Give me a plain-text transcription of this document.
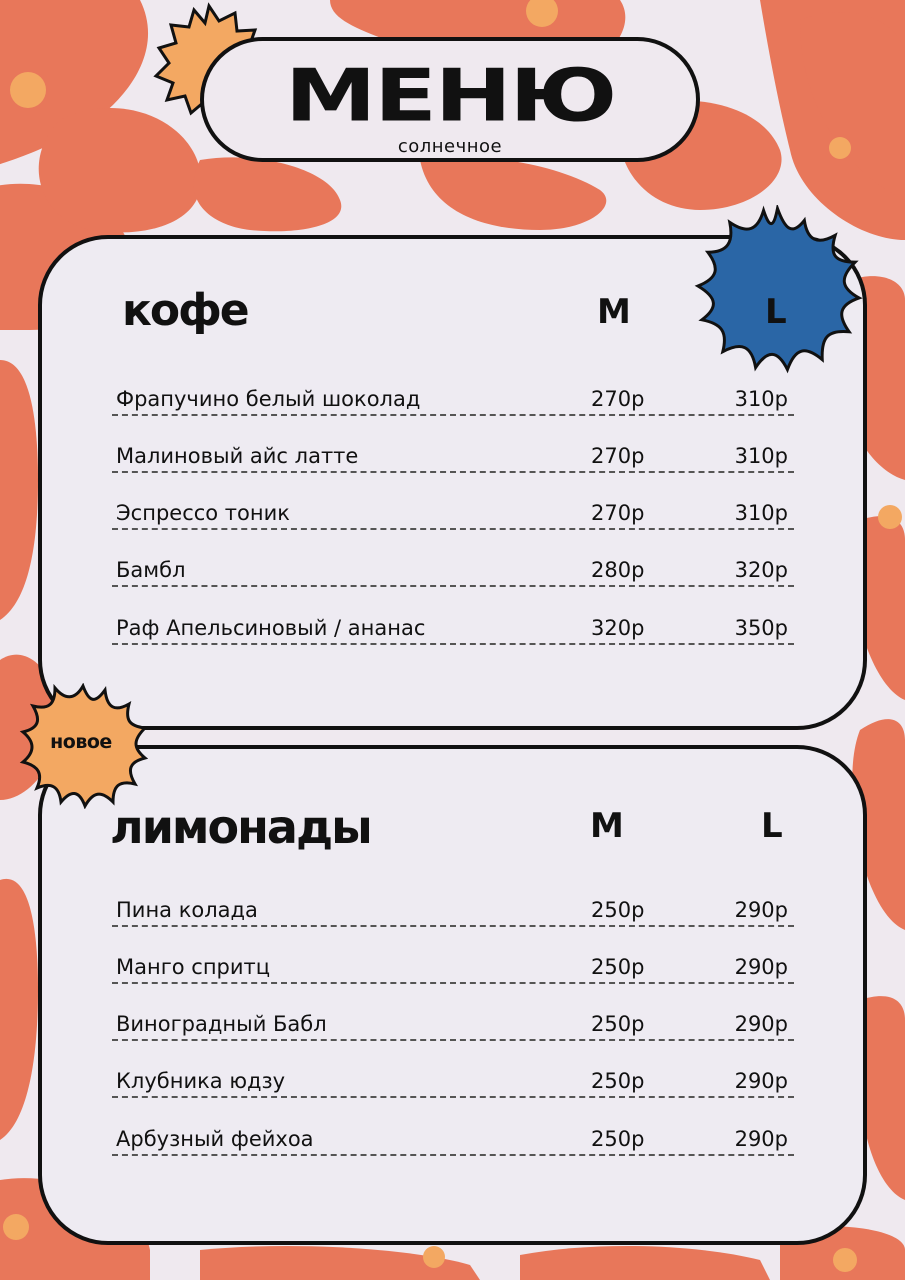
МЕНЮ
солнечное
кофе	M	L
Фрапучино белый шоколад	270р	310р
Малиновый айс латте	270р	310р
Эспрессо тоник	270р	310р
Бамбл	280р	320р
Раф Апельсиновый / ананас	320р	350р
новое
лимонады	M	L
Пина колада	250р	290р
Манго спритц	250р	290р
Виноградный Бабл	250р	290р
Клубника юдзу	250р	290р
Арбузный фейхоа	250р	290р
